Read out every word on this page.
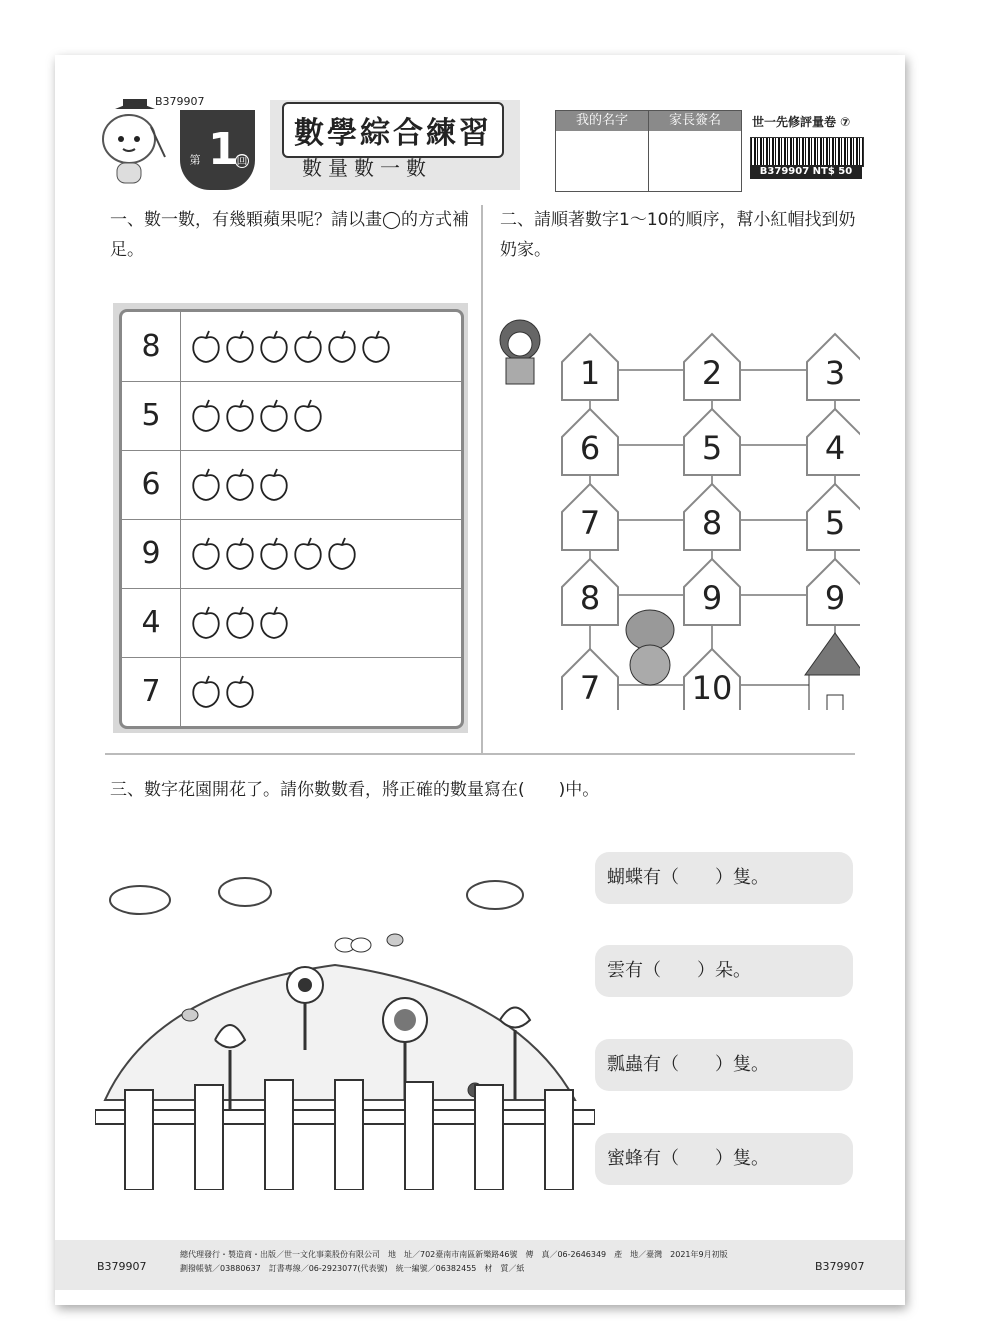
B379907
第 1
回
數學綜合練習
數量數一數
我的名字	家長簽名	世一先修評量卷 ⑦
B379907 NT$ 50
一、數一數，有幾顆蘋果呢？請以畫◯的方式補足。
二、請順著數字1～10的順序，幫小紅帽找到奶奶家。
8
5
6
9
4
7
1	2	3
6	5	4
7	8	5
8	9	9
7	10
三、數字花園開花了。請你數數看，將正確的數量寫在(　　)中。
蝴蝶有（　　）隻。
雲有（　　）朵。
瓢蟲有（　　）隻。
蜜蜂有（　　）隻。
B379907
總代理發行・製造商・出版／世一文化事業股份有限公司　地　址／702臺南市南區新樂路46號　傳　真／06-2646349　產　地／臺灣　2021年9月初版
劃撥帳號／03880637　訂書專線／06-2923077(代表號)　統一編號／06382455　材　質／紙	B379907
